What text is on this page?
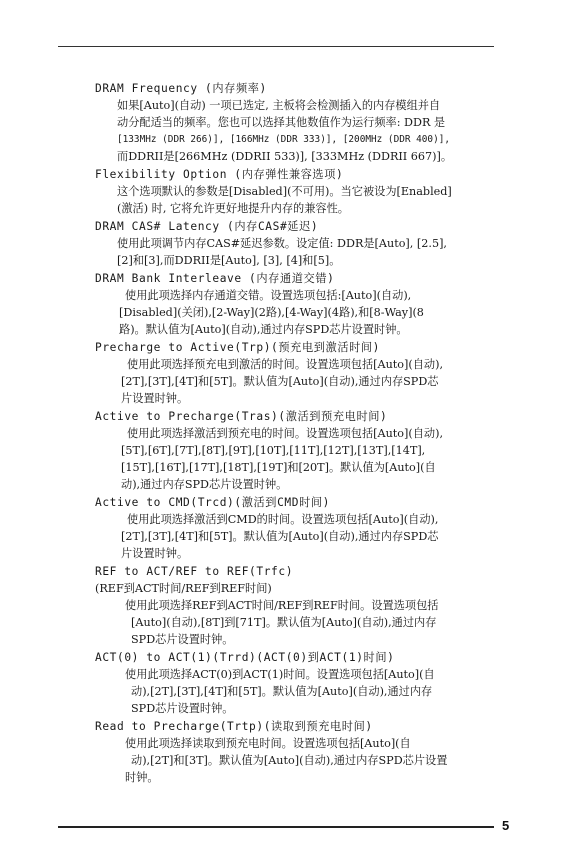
DRAM Frequency (内存频率)
如果[Auto](自动) 一项已选定, 主板将会检测插入的内存模组并自
动分配适当的频率。您也可以选择其他数值作为运行频率: DDR 是
[133MHz (DDR 266)], [166MHz (DDR 333)], [200MHz (DDR 400)],
而DDRII是[266MHz (DDRII 533)], [333MHz (DDRII 667)]。
Flexibility Option (内存弹性兼容选项)
这个选项默认的参数是[Disabled](不可用)。当它被设为[Enabled]
(激活) 时, 它将允许更好地提升内存的兼容性。
DRAM CAS# Latency (内存CAS#延迟)
使用此项调节内存CAS#延迟参数。设定值: DDR是[Auto], [2.5],
[2]和[3],而DDRII是[Auto], [3], [4]和[5]。
DRAM Bank Interleave (内存通道交错)
使用此项选择内存通道交错。设置选项包括:[Auto](自动),
[Disabled](关闭),[2-Way](2路),[4-Way](4路),和[8-Way](8
路)。默认值为[Auto](自动),通过内存SPD芯片设置时钟。
Precharge to Active(Trp)(预充电到激活时间)
使用此项选择预充电到激活的时间。设置选项包括[Auto](自动),
[2T],[3T],[4T]和[5T]。默认值为[Auto](自动),通过内存SPD芯
片设置时钟。
Active to Precharge(Tras)(激活到预充电时间)
使用此项选择激活到预充电的时间。设置选项包括[Auto](自动),
[5T],[6T],[7T],[8T],[9T],[10T],[11T],[12T],[13T],[14T],
[15T],[16T],[17T],[18T],[19T]和[20T]。默认值为[Auto](自
动),通过内存SPD芯片设置时钟。
Active to CMD(Trcd)(激活到CMD时间)
使用此项选择激活到CMD的时间。设置选项包括[Auto](自动),
[2T],[3T],[4T]和[5T]。默认值为[Auto](自动),通过内存SPD芯
片设置时钟。
REF to ACT/REF to REF(Trfc)
(REF到ACT时间/REF到REF时间)
使用此项选择REF到ACT时间/REF到REF时间。设置选项包括
[Auto](自动),[8T]到[71T]。默认值为[Auto](自动),通过内存
SPD芯片设置时钟。
ACT(0) to ACT(1)(Trrd)(ACT(0)到ACT(1)时间)
使用此项选择ACT(0)到ACT(1)时间。设置选项包括[Auto](自
动),[2T],[3T],[4T]和[5T]。默认值为[Auto](自动),通过内存
SPD芯片设置时钟。
Read to Precharge(Trtp)(读取到预充电时间)
使用此项选择读取到预充电时间。设置选项包括[Auto](自
动),[2T]和[3T]。默认值为[Auto](自动),通过内存SPD芯片设置
时钟。
5
